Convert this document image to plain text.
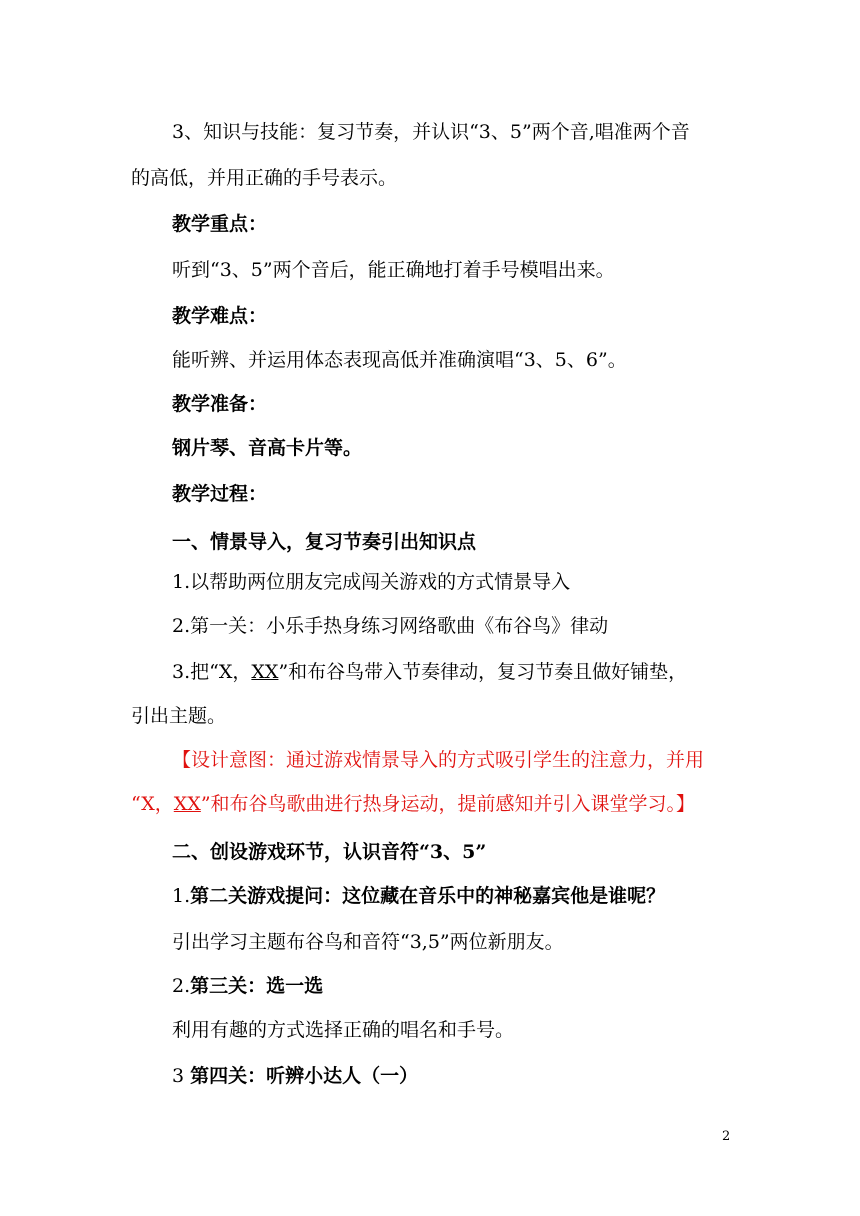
3、知识与技能：复习节奏，并认识“3、5”两个音,唱准两个音
的高低，并用正确的手号表示。
教学重点：
听到“3、5”两个音后，能正确地打着手号模唱出来。
教学难点：
能听辨、并运用体态表现高低并准确演唱“3、5、6”。
教学准备：
钢片琴、音高卡片等。
教学过程：
一、情景导入，复习节奏引出知识点
1.以帮助两位朋友完成闯关游戏的方式情景导入
2.第一关：小乐手热身练习网络歌曲《布谷鸟》律动
3.把“X，XX”和布谷鸟带入节奏律动，复习节奏且做好铺垫，
引出主题。
【设计意图：通过游戏情景导入的方式吸引学生的注意力，并用
“X，XX”和布谷鸟歌曲进行热身运动，提前感知并引入课堂学习。】
二、创设游戏环节，认识音符“3、5”
1.第二关游戏提问：这位藏在音乐中的神秘嘉宾他是谁呢？
引出学习主题布谷鸟和音符“3,5”两位新朋友。
2.第三关：选一选
利用有趣的方式选择正确的唱名和手号。
3 第四关：听辨小达人（一）
2
